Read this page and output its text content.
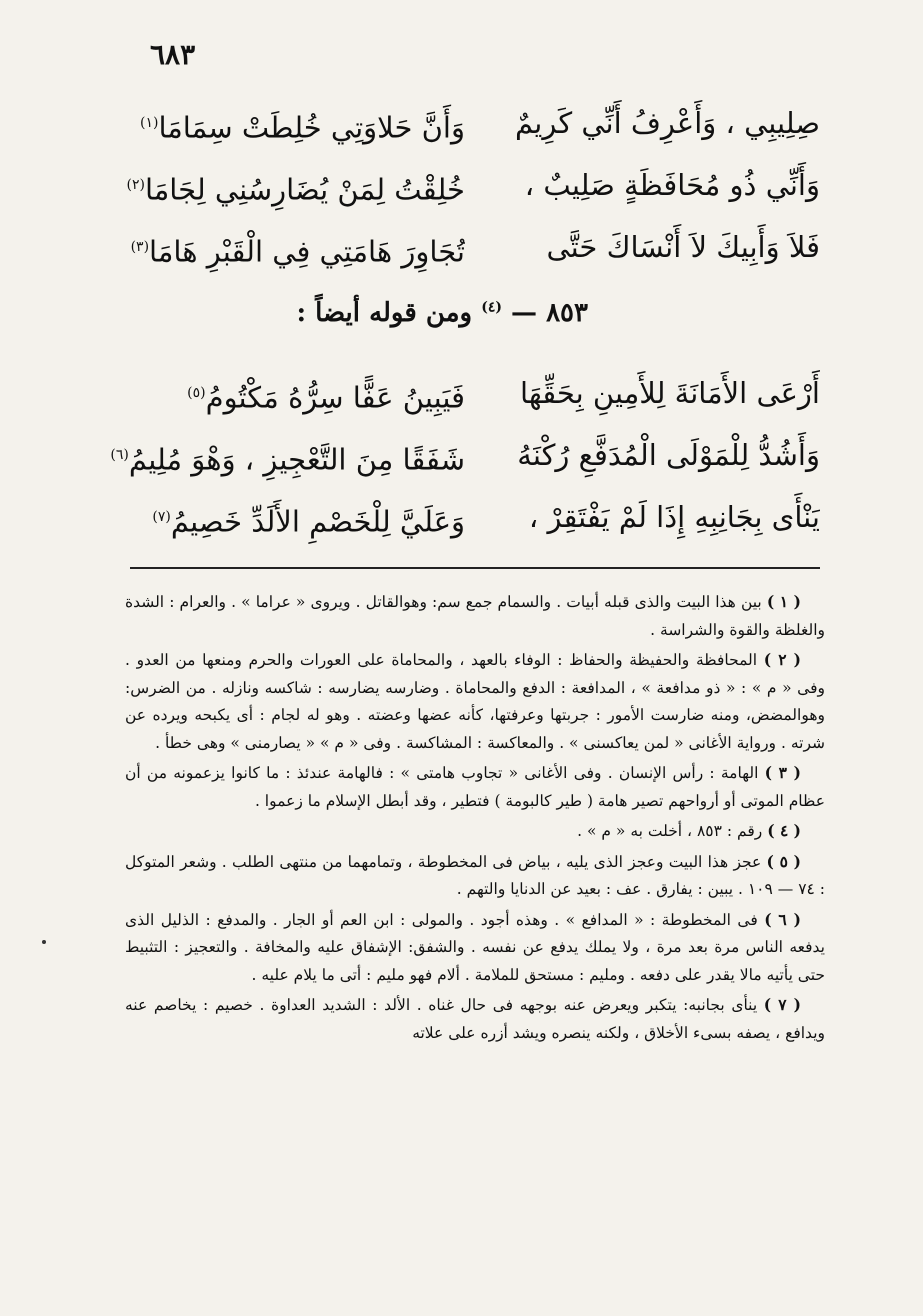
٦٨٣
صِلِيبِي ، وَأَعْرِفُ أَنِّي كَرِيمٌ
وَأَنَّ حَلاوَتِي خُلِطَتْ سِمَامَا$^{(١)}$
وَأَنِّي ذُو مُحَافَظَةٍ صَلِيبٌ ،
خُلِقْتُ لِمَنْ يُضَارِسُنِي لِجَامَا$^{(٢)}$
فَلاَ وَأَبِيكَ لاَ أَنْسَاكَ حَتَّى
تُجَاوِرَ هَامَتِي فِي الْقَبْرِ هَامَا$^{(٣)}$
٨٥٣ — $^{(٤)}$ ومن قوله أيضاً :
أَرْعَى الأَمَانَةَ لِلأَمِينِ بِحَقِّهَا
فَيَبِينُ عَفًّا سِرُّهُ مَكْتُومُ$^{(٥)}$
وَأَشُدُّ لِلْمَوْلَى الْمُدَفَّعِ رُكْنَهُ
شَفَقًا مِنَ التَّعْجِيزِ ، وَهْوَ مُلِيمُ$^{(٦)}$
يَنْأَى بِجَانِبِهِ إِذَا لَمْ يَفْتَقِرْ ،
وَعَلَيَّ لِلْخَصْمِ الأَلَدِّ خَصِيمُ$^{(٧)}$

( ١ ) بين هذا البيت والذى قبله أبيات . والسمام جمع سم: وهوالقاتل . ويروى « عراما » . والعرام : الشدة والغلظة والقوة والشراسة .

( ٢ ) المحافظة والحفيظة والحفاظ : الوفاء بالعهد ، والمحاماة على العورات والحرم ومنعها من العدو . وفى « م » : « ذو مدافعة » ، المدافعة : الدفع والمحاماة . وضارسه يضارسه : شاكسه ونازله . من الضرس: وهوالمضض، ومنه ضارست الأمور : جربتها وعرفتها، كأنه عضها وعضته . وهو له لجام : أى يكبحه ويرده عن شرته . ورواية الأغانى « لمن يعاكسنى » . والمعاكسة : المشاكسة . وفى « م » « يصارمنى » وهى خطأ .

( ٣ ) الهامة : رأس الإنسان . وفى الأغانى « تجاوب هامتى » : فالهامة عندئذ : ما كانوا يزعمونه من أن عظام الموتى أو أرواحهم تصير هامة ( طير كالبومة ) فتطير ، وقد أبطل الإسلام ما زعموا .

( ٤ ) رقم : ٨٥٣ ، أخلت به « م » .

( ٥ ) عجز هذا البيت وعجز الذى يليه ، بياض فى المخطوطة ، وتمامهما من منتهى الطلب . وشعر المتوكل : ٧٤ — ١٠٩ . يبين : يفارق . عف : بعيد عن الدنايا والتهم .

( ٦ ) فى المخطوطة : « المدافع » . وهذه أجود . والمولى : ابن العم أو الجار . والمدفع : الذليل الذى يدفعه الناس مرة بعد مرة ، ولا يملك يدفع عن نفسه . والشفق: الإشفاق عليه والمخافة . والتعجيز : التثبيط حتى يأتيه مالا يقدر على دفعه . ومليم : مستحق للملامة . ألام فهو مليم : أتى ما يلام عليه .

( ٧ ) ينأى بجانبه: يتكبر ويعرض عنه بوجهه فى حال غناه . الألد : الشديد العداوة . خصيم : يخاصم عنه ويدافع ، يصفه بسىء الأخلاق ، ولكنه ينصره ويشد أزره على علاته
